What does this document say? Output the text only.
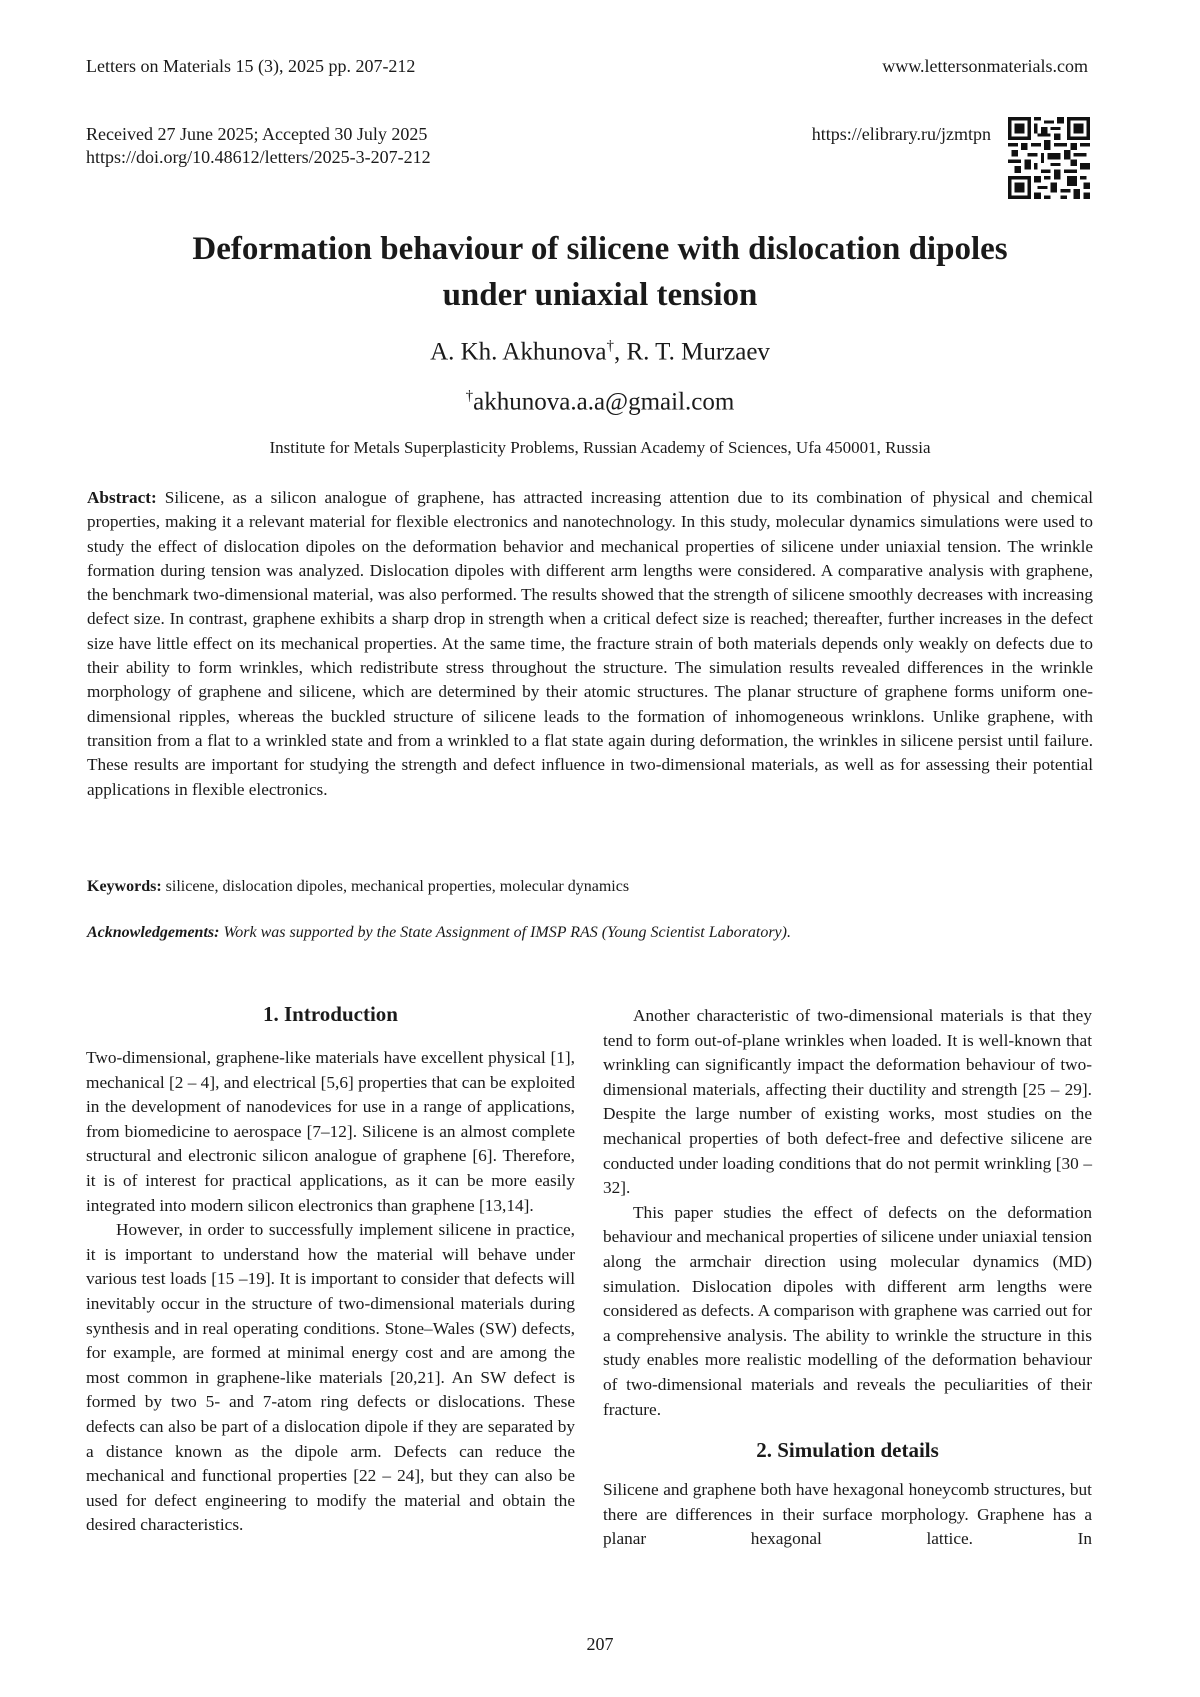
Letters on Materials 15 (3), 2025 pp. 207-212	www.lettersonmaterials.com
Received 27 June 2025; Accepted 30 July 2025
https://doi.org/10.48612/letters/2025-3-207-212
https://elibrary.ru/jzmtpn
Deformation behaviour of silicene with dislocation dipoles
under uniaxial tension
A. Kh. Akhunova†, R. T. Murzaev
†akhunova.a.a@gmail.com
Institute for Metals Superplasticity Problems, Russian Academy of Sciences, Ufa 450001, Russia
Abstract: Silicene, as a silicon analogue of graphene, has attracted increasing attention due to its combination of physical and chemical properties, making it a relevant material for flexible electronics and nanotechnology. In this study, molecular dynamics simulations were used to study the effect of dislocation dipoles on the deformation behavior and mechanical properties of silicene under uniaxial tension. The wrinkle formation during tension was analyzed. Dislocation dipoles with different arm lengths were considered. A comparative analysis with graphene, the benchmark two-dimensional material, was also performed. The results showed that the strength of silicene smoothly decreases with increasing defect size. In contrast, graphene exhibits a sharp drop in strength when a critical defect size is reached; thereafter, further increases in the defect size have little effect on its mechanical properties. At the same time, the fracture strain of both materials depends only weakly on defects due to their ability to form wrinkles, which redistribute stress throughout the structure. The simulation results revealed differences in the wrinkle morphology of graphene and silicene, which are determined by their atomic structures. The planar structure of graphene forms uniform one-dimensional ripples, whereas the buckled structure of silicene leads to the formation of inhomogeneous wrinklons. Unlike graphene, with transition from a flat to a wrinkled state and from a wrinkled to a flat state again during deformation, the wrinkles in silicene persist until failure. These results are important for studying the strength and defect influence in two-dimensional materials, as well as for assessing their potential applications in flexible electronics.
Keywords: silicene, dislocation dipoles, mechanical properties, molecular dynamics
Acknowledgements: Work was supported by the State Assignment of IMSP RAS (Young Scientist Laboratory).
1. Introduction

Two-dimensional, graphene-like materials have excellent physical [1], mechanical [2 – 4], and electrical [5,6] properties that can be exploited in the development of nanodevices for use in a range of applications, from biomedicine to aerospace [7–12]. Silicene is an almost complete structural and electronic silicon analogue of graphene [6]. Therefore, it is of interest for practical applications, as it can be more easily integrated into modern silicon electronics than graphene [13,14].

However, in order to successfully implement silicene in practice, it is important to understand how the material will behave under various test loads [15 –19]. It is important to consider that defects will inevitably occur in the structure of two-dimensional materials during synthesis and in real operating conditions. Stone–Wales (SW) defects, for example, are formed at minimal energy cost and are among the most common in graphene-like materials [20,21]. An SW defect is formed by two 5- and 7-atom ring defects or dislocations. These defects can also be part of a dislocation dipole if they are separated by a distance known as the dipole arm. Defects can reduce the mechanical and functional properties [22 – 24], but they can also be used for defect engineering to modify the material and obtain the desired characteristics.

Another characteristic of two-dimensional materials is that they tend to form out-of-plane wrinkles when loaded. It is well-known that wrinkling can significantly impact the deformation behaviour of two-dimensional materials, affecting their ductility and strength [25 – 29]. Despite the large number of existing works, most studies on the mechanical properties of both defect-free and defective silicene are conducted under loading conditions that do not permit wrinkling [30 – 32].

This paper studies the effect of defects on the deformation behaviour and mechanical properties of silicene under uniaxial tension along the armchair direction using molecular dynamics (MD) simulation. Dislocation dipoles with different arm lengths were considered as defects. A comparison with graphene was carried out for a comprehensive analysis. The ability to wrinkle the structure in this study enables more realistic modelling of the deformation behaviour of two-dimensional materials and reveals the peculiarities of their fracture.

2. Simulation details

Silicene and graphene both have hexagonal honeycomb structures, but there are differences in their surface morphology. Graphene has a planar hexagonal lattice. In

207
